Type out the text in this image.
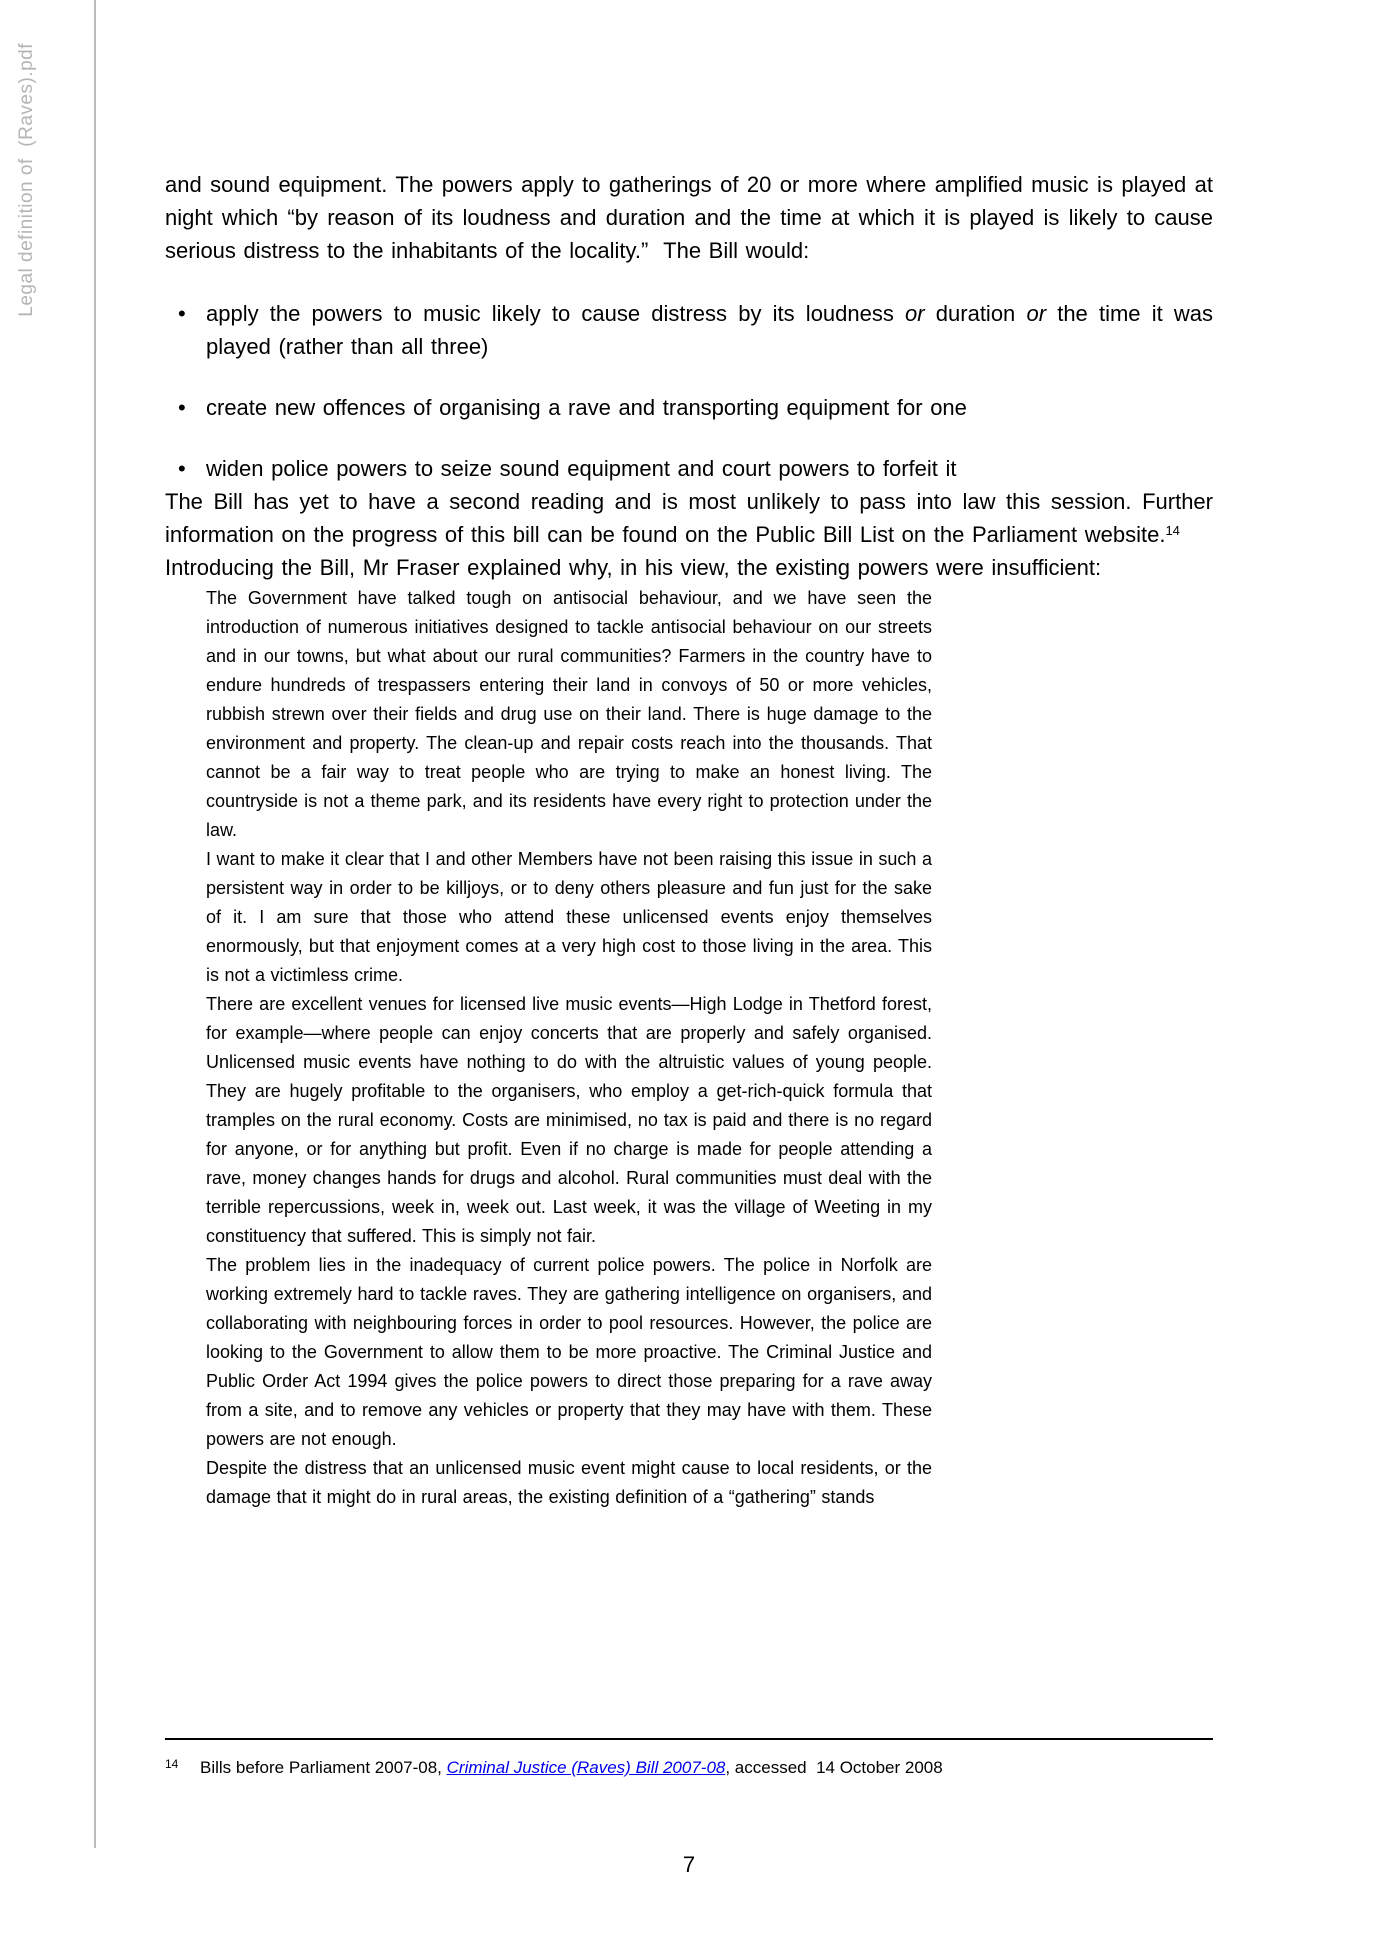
Legal definition of  (Raves).pdf	and sound equipment. The powers apply to gatherings of 20 or more where amplified music is played at night which “by reason of its loudness and duration and the time at which it is played is likely to cause serious distress to the inhabitants of the locality.”  The Bill would:

•
apply the powers to music likely to cause distress by its loudness or duration or the time it was played (rather than all three)
•
create new offences of organising a rave and transporting equipment for one
•
widen police powers to seize sound equipment and court powers to forfeit it

The Bill has yet to have a second reading and is most unlikely to pass into law this session. Further information on the progress of this bill can be found on the Public Bill List on the Parliament website.$^{14}$

Introducing the Bill, Mr Fraser explained why, in his view, the existing powers were insufficient:

The Government have talked tough on antisocial behaviour, and we have seen the introduction of numerous initiatives designed to tackle antisocial behaviour on our streets and in our towns, but what about our rural communities? Farmers in the country have to endure hundreds of trespassers entering their land in convoys of 50 or more vehicles, rubbish strewn over their fields and drug use on their land. There is huge damage to the environment and property. The clean-up and repair costs reach into the thousands. That cannot be a fair way to treat people who are trying to make an honest living. The countryside is not a theme park, and its residents have every right to protection under the law.

I want to make it clear that I and other Members have not been raising this issue in such a persistent way in order to be killjoys, or to deny others pleasure and fun just for the sake of it. I am sure that those who attend these unlicensed events enjoy themselves enormously, but that enjoyment comes at a very high cost to those living in the area. This is not a victimless crime.

There are excellent venues for licensed live music events—High Lodge in Thetford forest, for example—where people can enjoy concerts that are properly and safely organised. Unlicensed music events have nothing to do with the altruistic values of young people. They are hugely profitable to the organisers, who employ a get-rich-quick formula that tramples on the rural economy. Costs are minimised, no tax is paid and there is no regard for anyone, or for anything but profit. Even if no charge is made for people attending a rave, money changes hands for drugs and alcohol. Rural communities must deal with the terrible repercussions, week in, week out. Last week, it was the village of Weeting in my constituency that suffered. This is simply not fair.

The problem lies in the inadequacy of current police powers. The police in Norfolk are working extremely hard to tackle raves. They are gathering intelligence on organisers, and collaborating with neighbouring forces in order to pool resources. However, the police are looking to the Government to allow them to be more proactive. The Criminal Justice and Public Order Act 1994 gives the police powers to direct those preparing for a rave away from a site, and to remove any vehicles or property that they may have with them. These powers are not enough.

Despite the distress that an unlicensed music event might cause to local residents, or the damage that it might do in rural areas, the existing definition of a “gathering” stands

14 Bills before Parliament 2007-08, Criminal Justice (Raves) Bill 2007-08, accessed  14 October 2008
7
